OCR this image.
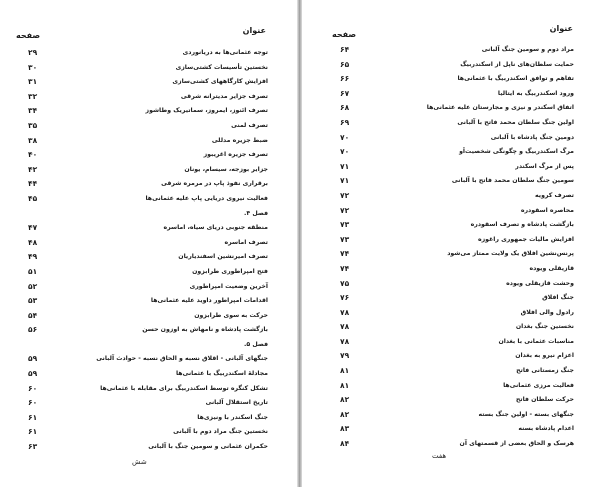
عنوان
صفحه
۲۹	توجه عثمانی‌ها به دریانوردی
۳۰	نخستین تأسیسات کشتی‌سازی
۳۱	افزایش کارگاههای کشتی‌سازی
۳۲	تصرف جزایر مدیترانه شرقی
۳۴	تصرف ائنوز، ایمروز، سماتیریک وطاشوز
۳۵	تصرف لمنی
۳۸	ضبط جزیره مدللی
۴۰	تصرف جزیره اغریبوز
۴۲	جزایر بوزجه، سیسام، یونان
۴۴	برقراری نفوذ پاپ در مرمره شرقی
۴۵	فعالیت نیروی دریایی پاپ علیه عثمانی‌ها
فصل ۴.
۴۷	منطقه جنوبی دریای سیاه، اماسره
۴۸	تصرف اماسره
۴۹	تصرف امیرنشین اسفندیاریان
۵۱	فتح امپراطوری طرابزون
۵۲	آخرین وضعیت امپراطوری
۵۳	اقدامات امپراطور داوید علیه عثمانی‌ها
۵۴	حرکت به سوی طرابزون
۵۶	بازگشت پادشاه و نامهاش به اوزون حسن
فصل ۵.
۵۹	جنگهای آلبانی - اقلاق نسبه و الحاق نسبه - حوادث آلبانی
۵۹	مجادلهٔ اسکندربیگ با عثمانی‌ها
۶۰	تشکل کنگره توسط اسکندربیگ برای مقابله با عثمانی‌ها
۶۰	تاریخ استقلال آلبانی
۶۱	جنگ اسکندر با ونیزی‌ها
۶۱	نخستین جنگ مراد دوم با آلبانی
۶۳	حکمران عثمانی و سومین جنگ با آلبانی
شش
عنوان
صفحه
۶۴	مراد دوم و سومین جنگ آلبانی
۶۵	حمایت سلطان‌های ناپل از اسکندربیگ
۶۶	تفاهم و توافق اسکندربیگ با عثمانی‌ها
۶۷	ورود اسکندربیگ به ایتالیا
۶۸	اتفاق اسکندر و نیزی و مجارستان علیه عثمانی‌ها
۶۹	اولین جنگ سلطان محمد فاتح با آلبانی
۷۰	دومین جنگ پادشاه با آلبانی
۷۰	مرگ اسکندربیگ و چگونگی شخصیت‌اَو
۷۱	پس از مرگ اسکندر
۷۱	سومین جنگ سلطان محمد فاتح با آلبانی
۷۲	تصرف کرویه
۷۲	محاصره اسقودره
۷۳	بازگشت پادشاه و تصرف اسقودره
۷۳	افزایش مالیات جمهوری راغوزه
۷۴	پرنس‌نشین افلاق یک ولایت ممتاز می‌شود
۷۴	قازیقلی ویوده
۷۵	وحشت قازیقلی ویوده
۷۶	جنگ افلاق
۷۸	رادول والی افلاق
۷۸	نخستین جنگ بغدان
۷۸	مناسبات عثمانی با بغدان
۷۹	اعزام نیرو به بغدان
۸۱	جنگ زمستانی فاتح
۸۱	فعالیت مرزی عثمانی‌ها
۸۲	حرکت سلطان فاتح
۸۲	جنگهای بسته - اولین جنگ بسته
۸۳	اعدام پادشاه بسنه
۸۴	هرسک و الحاق بعضی از قسمتهای آن
هفت
